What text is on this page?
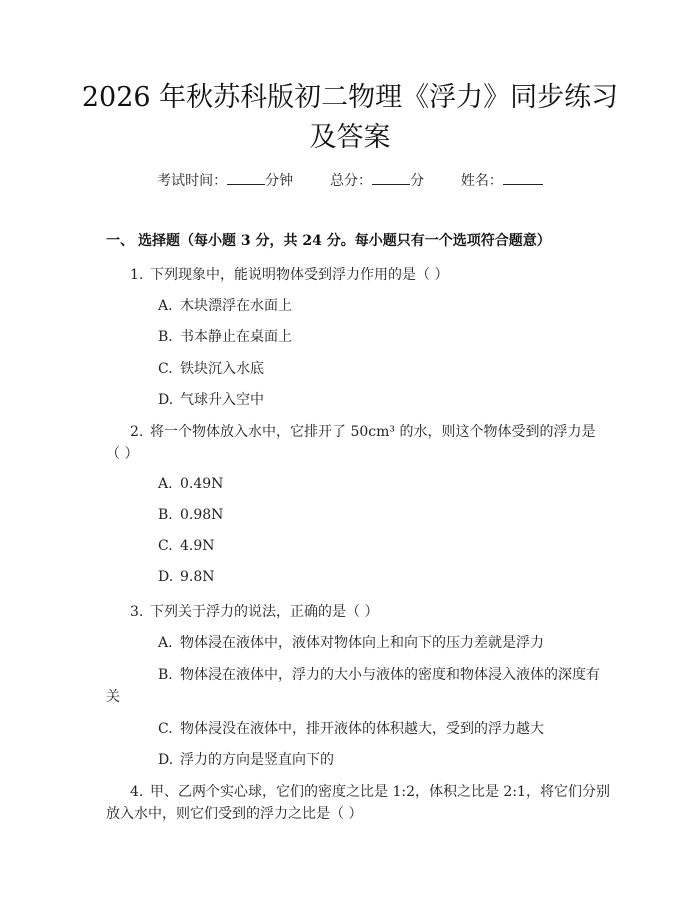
2026 年秋苏科版初二物理《浮力》同步练习
及答案
考试时间：	分钟	总分：	分	姓名：
一、 选择题（每小题 3 分，共 24 分。每小题只有一个选项符合题意）
1. 下列现象中，能说明物体受到浮力作用的是（ ）
A. 木块漂浮在水面上
B. 书本静止在桌面上
C. 铁块沉入水底
D. 气球升入空中
2. 将一个物体放入水中，它排开了 50cm³ 的水，则这个物体受到的浮力是
（ ）
A. 0.49N
B. 0.98N
C. 4.9N
D. 9.8N
3. 下列关于浮力的说法，正确的是（ ）
A. 物体浸在液体中，液体对物体向上和向下的压力差就是浮力
B. 物体浸在液体中，浮力的大小与液体的密度和物体浸入液体的深度有
关
C. 物体浸没在液体中，排开液体的体积越大，受到的浮力越大
D. 浮力的方向是竖直向下的
4. 甲、乙两个实心球，它们的密度之比是 1:2，体积之比是 2:1，将它们分别
放入水中，则它们受到的浮力之比是（ ）
